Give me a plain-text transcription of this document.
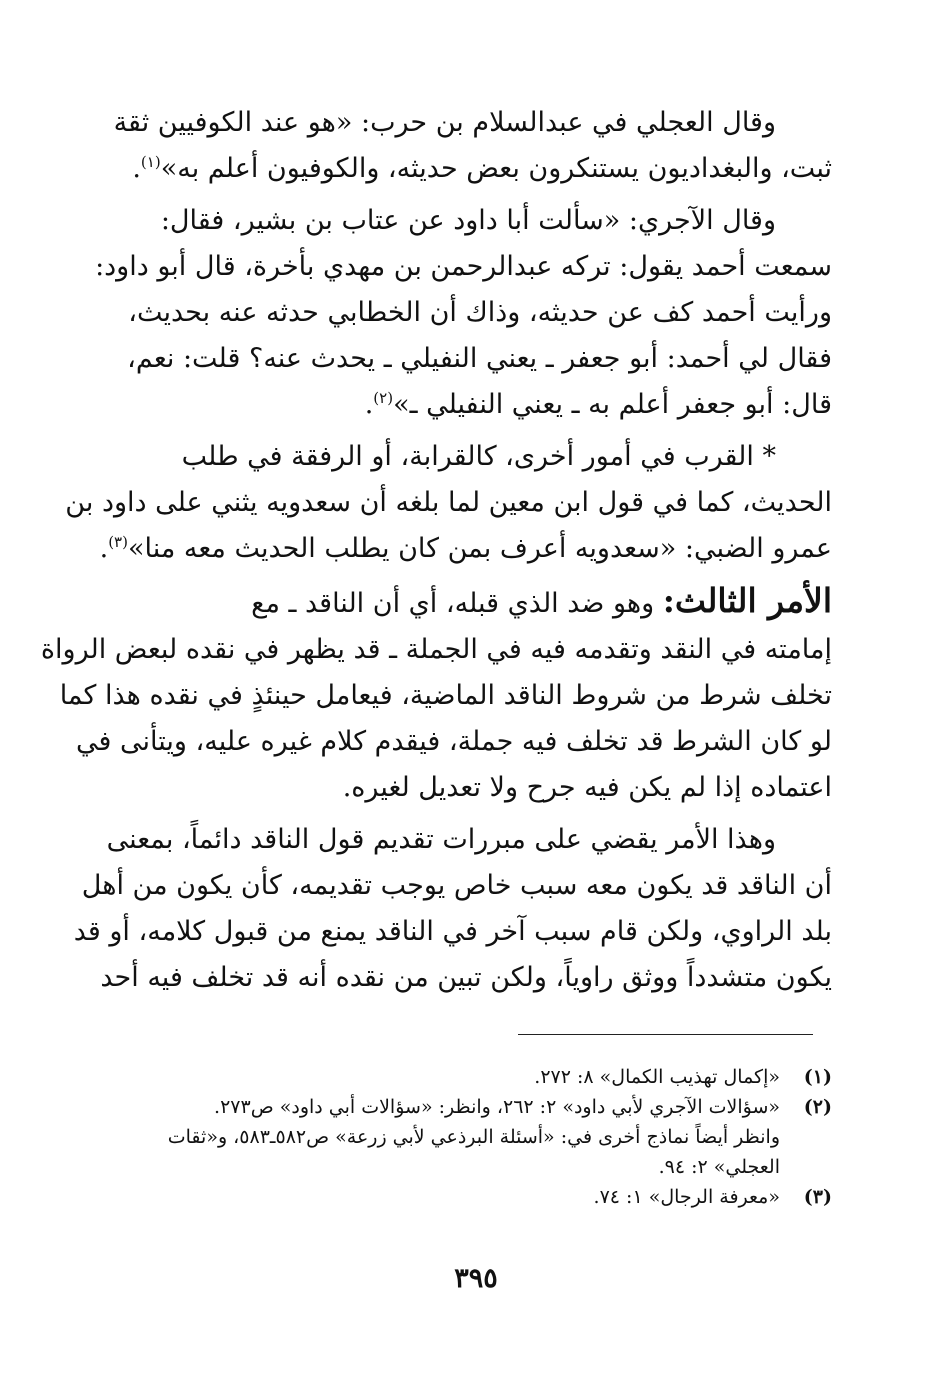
وقال العجلي في عبدالسلام بن حرب: «هو عند الكوفيين ثقة
ثبت، والبغداديون يستنكرون بعض حديثه، والكوفيون أعلم به»$^{(١)}$.

وقال الآجري: «سألت أبا داود عن عتاب بن بشير، فقال:
سمعت أحمد يقول: تركه عبدالرحمن بن مهدي بأخرة، قال أبو داود:
ورأيت أحمد كف عن حديثه، وذاك أن الخطابي حدثه عنه بحديث،
فقال لي أحمد: أبو جعفر ـ يعني النفيلي ـ يحدث عنه؟ قلت: نعم،
قال: أبو جعفر أعلم به ـ يعني النفيلي ـ»$^{(٢)}$.

* القرب في أمور أخرى، كالقرابة، أو الرفقة في طلب
الحديث، كما في قول ابن معين لما بلغه أن سعدويه يثني على داود بن
عمرو الضبي: «سعدويه أعرف بمن كان يطلب الحديث معه منا»$^{(٣)}$.

الأمر الثالث: وهو ضد الذي قبله، أي أن الناقد ـ مع
إمامته في النقد وتقدمه فيه في الجملة ـ قد يظهر في نقده لبعض الرواة
تخلف شرط من شروط الناقد الماضية، فيعامل حينئذٍ في نقده هذا كما
لو كان الشرط قد تخلف فيه جملة، فيقدم كلام غيره عليه، ويتأنى في
اعتماده إذا لم يكن فيه جرح ولا تعديل لغيره.

وهذا الأمر يقضي على مبررات تقديم قول الناقد دائماً، بمعنى
أن الناقد قد يكون معه سبب خاص يوجب تقديمه، كأن يكون من أهل
بلد الراوي، ولكن قام سبب آخر في الناقد يمنع من قبول كلامه، أو قد
يكون متشدداً ووثق راوياً، ولكن تبين من نقده أنه قد تخلف فيه أحد

(١)
«إكمال تهذيب الكمال» ٨: ٢٧٢.
(٢)
«سؤالات الآجري لأبي داود» ٢: ٢٦٢، وانظر: «سؤالات أبي داود» ص٢٧٣.
وانظر أيضاً نماذج أخرى في: «أسئلة البرذعي لأبي زرعة» ص٥٨٢ـ٥٨٣، و«ثقات
العجلي» ٢: ٩٤.
(٣)
«معرفة الرجال» ١: ٧٤.
٣٩٥
